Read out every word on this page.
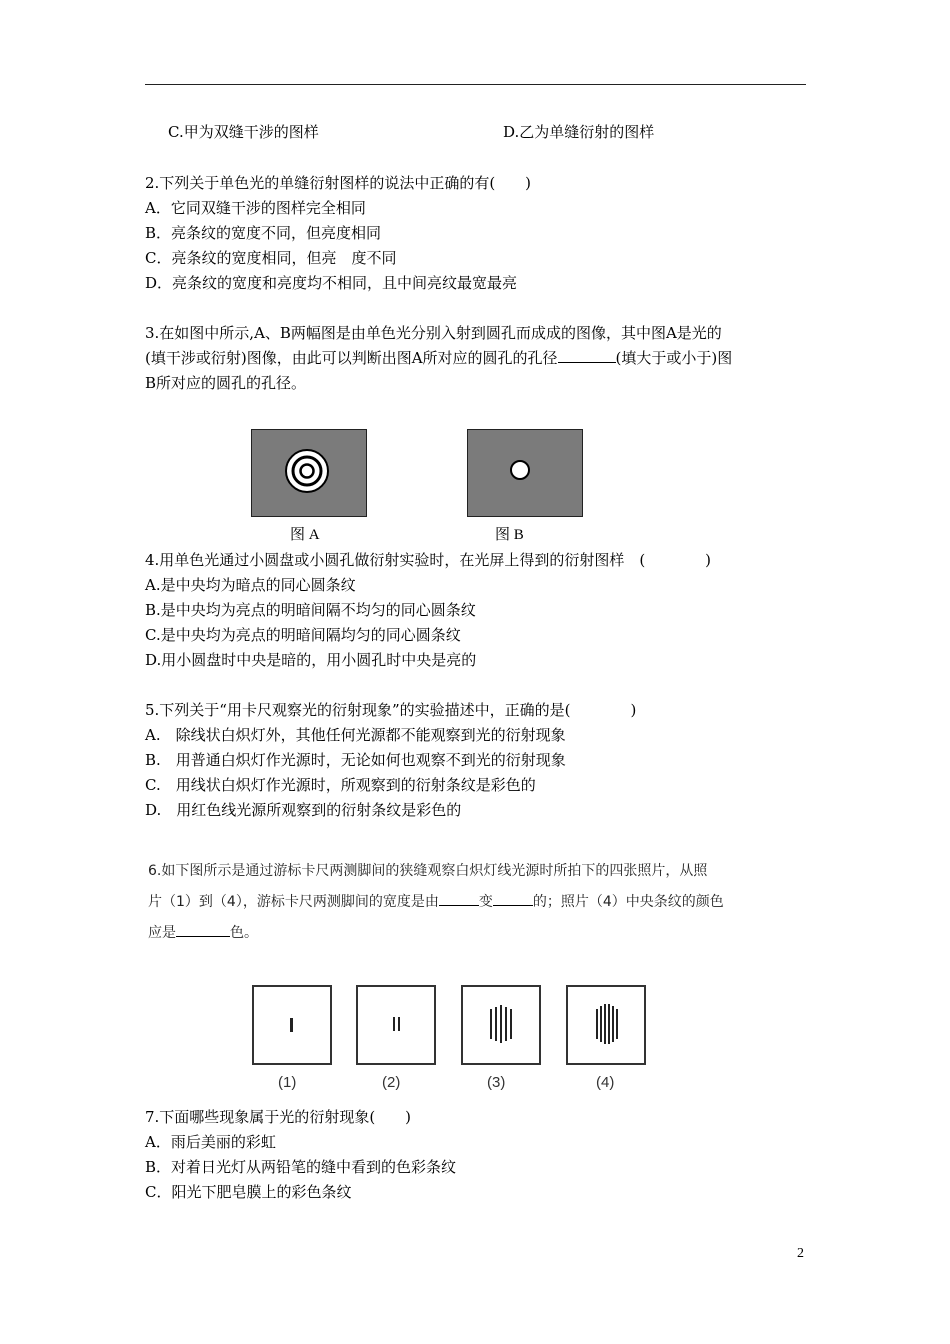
C.甲为双缝干涉的图样	D.乙为单缝衍射的图样
2.下列关于单色光的单缝衍射图样的说法中正确的有(　　)
A．它同双缝干涉的图样完全相同
B．亮条纹的宽度不同，但亮度相同
C．亮条纹的宽度相同，但亮　度不同
D．亮条纹的宽度和亮度均不相同，且中间亮纹最宽最亮
3.在如图中所示,A、B两幅图是由单色光分别入射到圆孔而成成的图像，其中图A是光的
(填干涉或衍射)图像，由此可以判断出图A所对应的圆孔的孔径	(填大于或小于)图
B所对应的圆孔的孔径。
图 A	图 B
4.用单色光通过小圆盘或小圆孔做衍射实验时，在光屏上得到的衍射图样　(　　　　)
A.是中央均为暗点的同心圆条纹
B.是中央均为亮点的明暗间隔不均匀的同心圆条纹
C.是中央均为亮点的明暗间隔均匀的同心圆条纹
D.用小圆盘时中央是暗的，用小圆孔时中央是亮的
5.下列关于“用卡尺观察光的衍射现象”的实验描述中，正确的是(　　　　)
A.　除线状白炽灯外，其他任何光源都不能观察到光的衍射现象
B.　用普通白炽灯作光源时，无论如何也观察不到光的衍射现象
C.　用线状白炽灯作光源时，所观察到的衍射条纹是彩色的
D.　用红色线光源所观察到的衍射条纹是彩色的
6.如下图所示是通过游标卡尺两测脚间的狭缝观察白炽灯线光源时所拍下的四张照片，从照
片（1）到（4），游标卡尺两测脚间的宽度是由	变	的；照片（4）中央条纹的颜色
应是	色。
(1)	(2)	(3)	(4)
7.下面哪些现象属于光的衍射现象(　　)
A．雨后美丽的彩虹
B．对着日光灯从两铅笔的缝中看到的色彩条纹
C．阳光下肥皂膜上的彩色条纹
2
